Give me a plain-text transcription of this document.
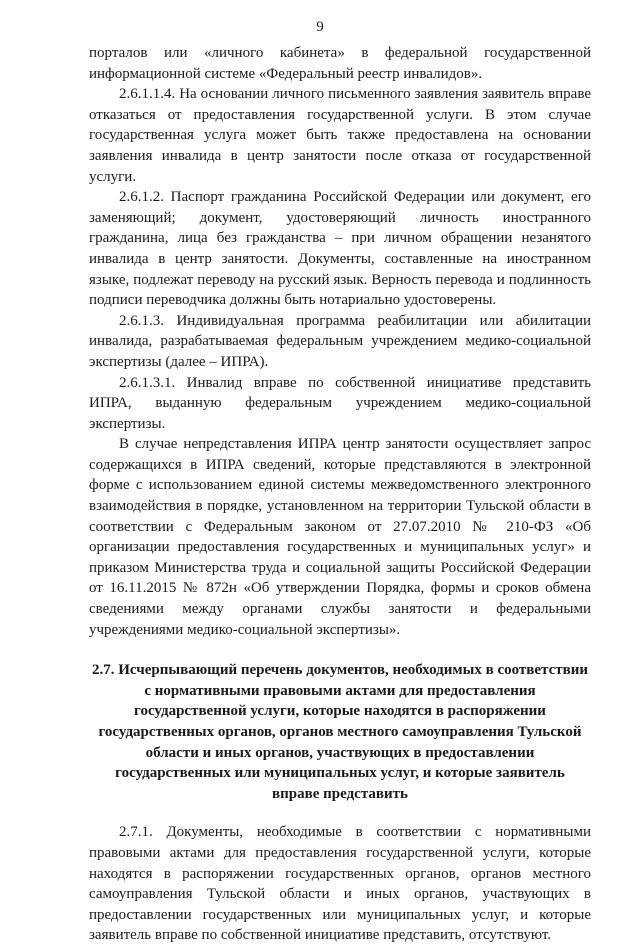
9

порталов или «личного кабинета» в федеральной государственной информационной системе «Федеральный реестр инвалидов».

2.6.1.1.4. На основании личного письменного заявления заявитель вправе отказаться от предоставления государственной услуги. В этом случае государственная услуга может быть также предоставлена на основании заявления инвалида в центр занятости после отказа от государственной услуги.

2.6.1.2. Паспорт гражданина Российской Федерации или документ, его заменяющий; документ, удостоверяющий личность иностранного гражданина, лица без гражданства – при личном обращении незанятого инвалида в центр занятости. Документы, составленные на иностранном языке, подлежат переводу на русский язык. Верность перевода и подлинность подписи переводчика должны быть нотариально удостоверены.

2.6.1.3. Индивидуальная программа реабилитации или абилитации инвалида, разрабатываемая федеральным учреждением медико-социальной экспертизы (далее – ИПРА).

2.6.1.3.1. Инвалид вправе по собственной инициативе представить ИПРА, выданную федеральным учреждением медико-социальной экспертизы.

В случае непредставления ИПРА центр занятости осуществляет запрос содержащихся в ИПРА сведений, которые представляются в электронной форме с использованием единой системы межведомственного электронного взаимодействия в порядке, установленном на территории Тульской области в соответствии с Федеральным законом от 27.07.2010 № 210-ФЗ «Об организации предоставления государственных и муниципальных услуг» и приказом Министерства труда и социальной защиты Российской Федерации от 16.11.2015 № 872н «Об утверждении Порядка, формы и сроков обмена сведениями между органами службы занятости и федеральными учреждениями медико-социальной экспертизы».

2.7. Исчерпывающий перечень документов, необходимых в соответствии
с нормативными правовыми актами для предоставления
государственной услуги, которые находятся в распоряжении
государственных органов, органов местного самоуправления Тульской
области и иных органов, участвующих в предоставлении
государственных или муниципальных услуг, и которые заявитель
вправе представить

2.7.1. Документы, необходимые в соответствии с нормативными правовыми актами для предоставления государственной услуги, которые находятся в распоряжении государственных органов, органов местного самоуправления Тульской области и иных органов, участвующих в предоставлении государственных или муниципальных услуг, и которые заявитель вправе по собственной инициативе представить, отсутствуют.
